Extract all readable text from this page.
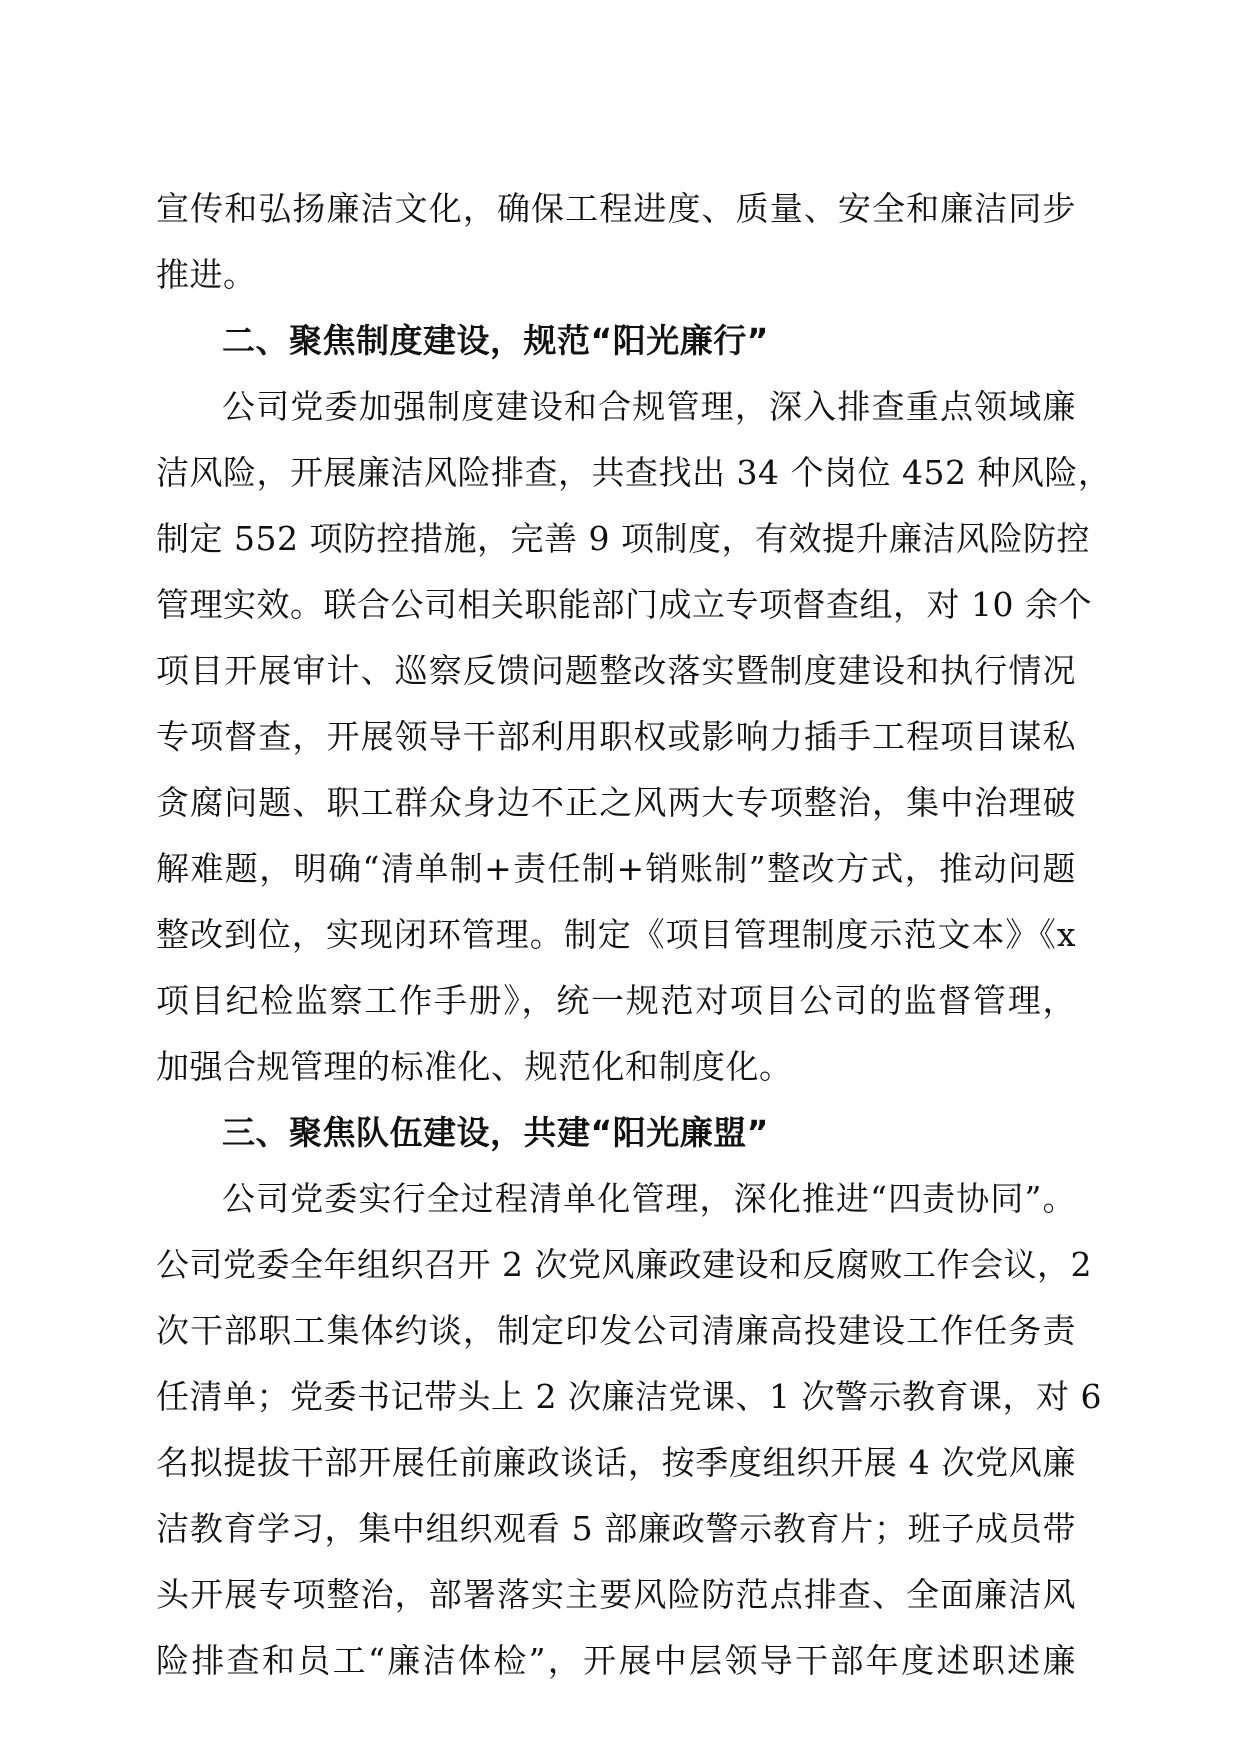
宣传和弘扬廉洁文化，确保工程进度、质量、安全和廉洁同步
推进。
二、聚焦制度建设，规范“阳光廉行”
公司党委加强制度建设和合规管理，深入排查重点领域廉
洁风险，开展廉洁风险排查，共查找出 34 个岗位 452 种风险，
制定 552 项防控措施，完善 9 项制度，有效提升廉洁风险防控
管理实效。联合公司相关职能部门成立专项督查组，对 10 余个
项目开展审计、巡察反馈问题整改落实暨制度建设和执行情况
专项督查，开展领导干部利用职权或影响力插手工程项目谋私
贪腐问题、职工群众身边不正之风两大专项整治，集中治理破
解难题，明确“清单制+责任制+销账制”整改方式，推动问题
整改到位，实现闭环管理。制定《项目管理制度示范文本》《x
项目纪检监察工作手册》，统一规范对项目公司的监督管理，
加强合规管理的标准化、规范化和制度化。
三、聚焦队伍建设，共建“阳光廉盟”
公司党委实行全过程清单化管理，深化推进“四责协同”。
公司党委全年组织召开 2 次党风廉政建设和反腐败工作会议，2
次干部职工集体约谈，制定印发公司清廉高投建设工作任务责
任清单；党委书记带头上 2 次廉洁党课、1 次警示教育课，对 6
名拟提拔干部开展任前廉政谈话，按季度组织开展 4 次党风廉
洁教育学习，集中组织观看 5 部廉政警示教育片；班子成员带
头开展专项整治，部署落实主要风险防范点排查、全面廉洁风
险排查和员工“廉洁体检”，开展中层领导干部年度述职述廉
